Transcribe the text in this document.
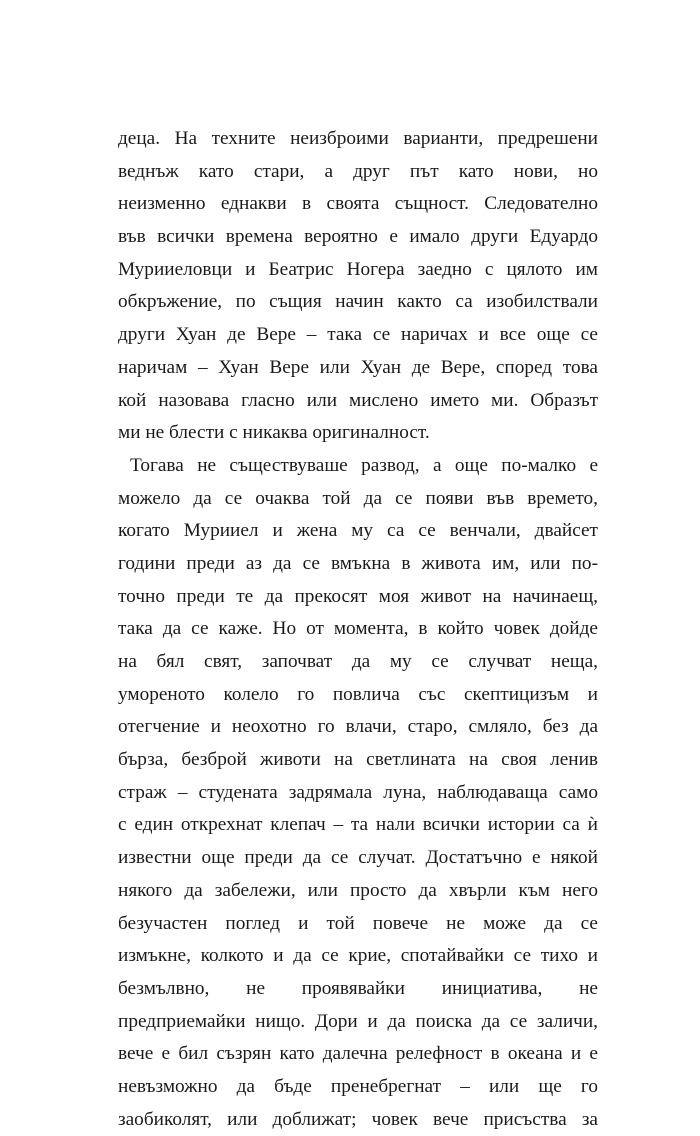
деца. На техните неизброими варианти, предрешени
веднъж като стари, а друг път като нови, но
неизменно еднакви в своята същност. Следователно
във всички времена вероятно е имало други Едуардо
Мурииеловци и Беатрис Ногера заедно с цялото им
обкръжение, по същия начин както са изобилствали
други Хуан де Вере – така се наричах и все още се
наричам – Хуан Вере или Хуан де Вере, според това
кой назовава гласно или мислено името ми. Образът
ми не блести с никаква оригиналност.
Тогава не съществуваше развод, а още по-малко е
можело да се очаква той да се появи във времето,
когато Мурииел и жена му са се венчали, двайсет
години преди аз да се вмъкна в живота им, или по-
точно преди те да прекосят моя живот на начинаещ,
така да се каже. Но от момента, в който човек дойде
на бял свят, започват да му се случват неща,
умореното колело го повлича със скептицизъм и
отегчение и неохотно го влачи, старо, смляло, без да
бърза, безброй животи на светлината на своя ленив
страж – студената задрямала луна, наблюдаваща само
с един открехнат клепач – та нали всички истории са ѝ
известни още преди да се случат. Достатъчно е някой
някого да забележи, или просто да хвърли към него
безучастен поглед и той повече не може да се
измъкне, колкото и да се крие, спотайвайки се тихо и
безмълвно, не проявявайки инициатива, не
предприемайки нищо. Дори и да поиска да се заличи,
вече е бил съзрян като далечна релефност в океана и е
невъзможно да бъде пренебрегнат – или ще го
заобиколят, или доближат; човек вече присъства за
